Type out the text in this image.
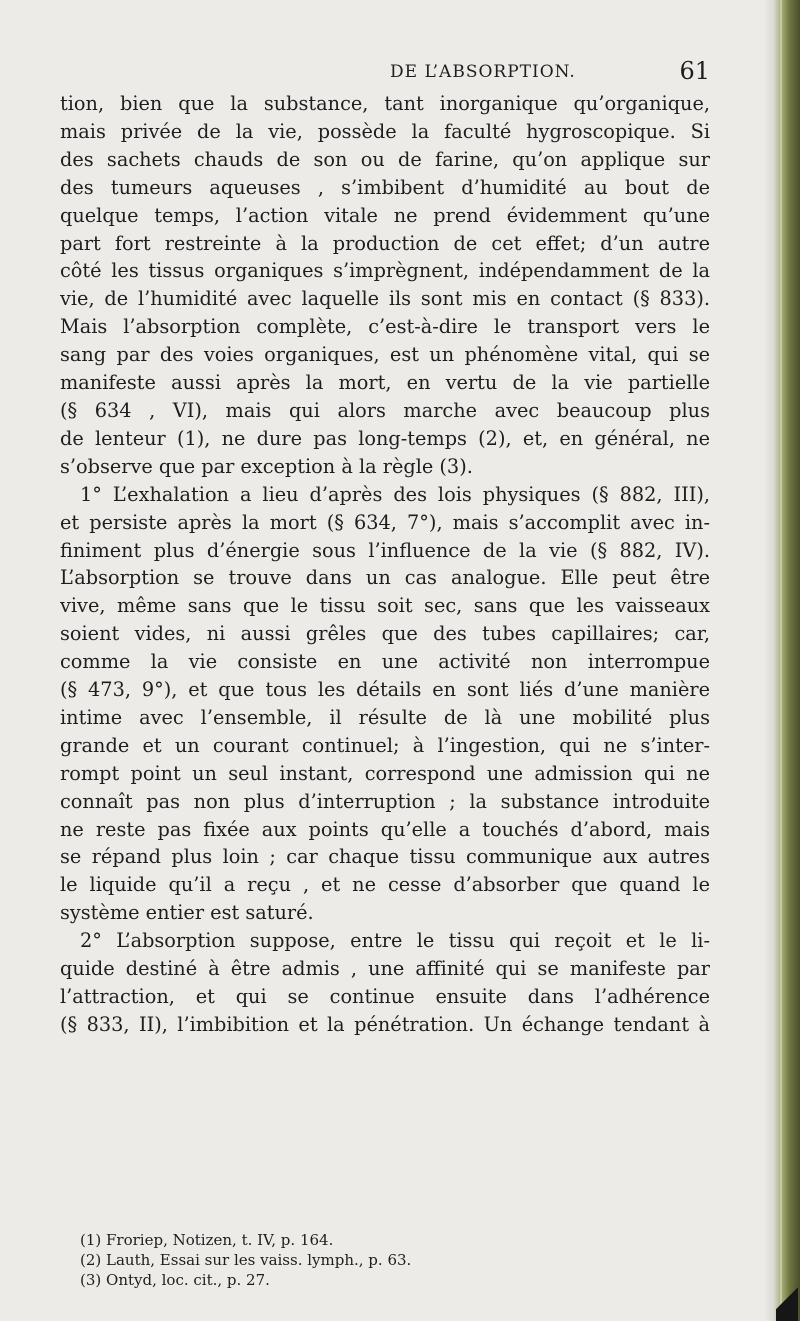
DE L’ABSORPTION.	61
tion, bien que la substance, tant inorganique qu’organique,
mais privée de la vie, possède la faculté hygroscopique. Si
des sachets chauds de son ou de farine, qu’on applique sur
des tumeurs aqueuses , s’imbibent d’humidité au bout de
quelque temps, l’action vitale ne prend évidemment qu’une
part fort restreinte à la production de cet effet; d’un autre
côté les tissus organiques s’imprègnent, indépendamment de la
vie, de l’humidité avec laquelle ils sont mis en contact (§ 833).
Mais l’absorption complète, c’est-à-dire le transport vers le
sang par des voies organiques, est un phénomène vital, qui se
manifeste aussi après la mort, en vertu de la vie partielle
(§ 634 , VI), mais qui alors marche avec beaucoup plus
de lenteur (1), ne dure pas long-temps (2), et, en général, ne
s’observe que par exception à la règle (3).
1° L’exhalation a lieu d’après des lois physiques (§ 882, III),
et persiste après la mort (§ 634, 7°), mais s’accomplit avec in-
finiment plus d’énergie sous l’influence de la vie (§ 882, IV).
L’absorption se trouve dans un cas analogue. Elle peut être
vive, même sans que le tissu soit sec, sans que les vaisseaux
soient vides, ni aussi grêles que des tubes capillaires; car,
comme la vie consiste en une activité non interrompue
(§ 473, 9°), et que tous les détails en sont liés d’une manière
intime avec l’ensemble, il résulte de là une mobilité plus
grande et un courant continuel; à l’ingestion, qui ne s’inter-
rompt point un seul instant, correspond une admission qui ne
connaît pas non plus d’interruption ; la substance introduite
ne reste pas fixée aux points qu’elle a touchés d’abord, mais
se répand plus loin ; car chaque tissu communique aux autres
le liquide qu’il a reçu , et ne cesse d’absorber que quand le
système entier est saturé.
2° L’absorption suppose, entre le tissu qui reçoit et le li-
quide destiné à être admis , une affinité qui se manifeste par
l’attraction, et qui se continue ensuite dans l’adhérence
(§ 833, II), l’imbibition et la pénétration. Un échange tendant à
(1) Froriep, Notizen, t. IV, p. 164.
(2) Lauth, Essai sur les vaiss. lymph., p. 63.
(3) Ontyd, loc. cit., p. 27.
